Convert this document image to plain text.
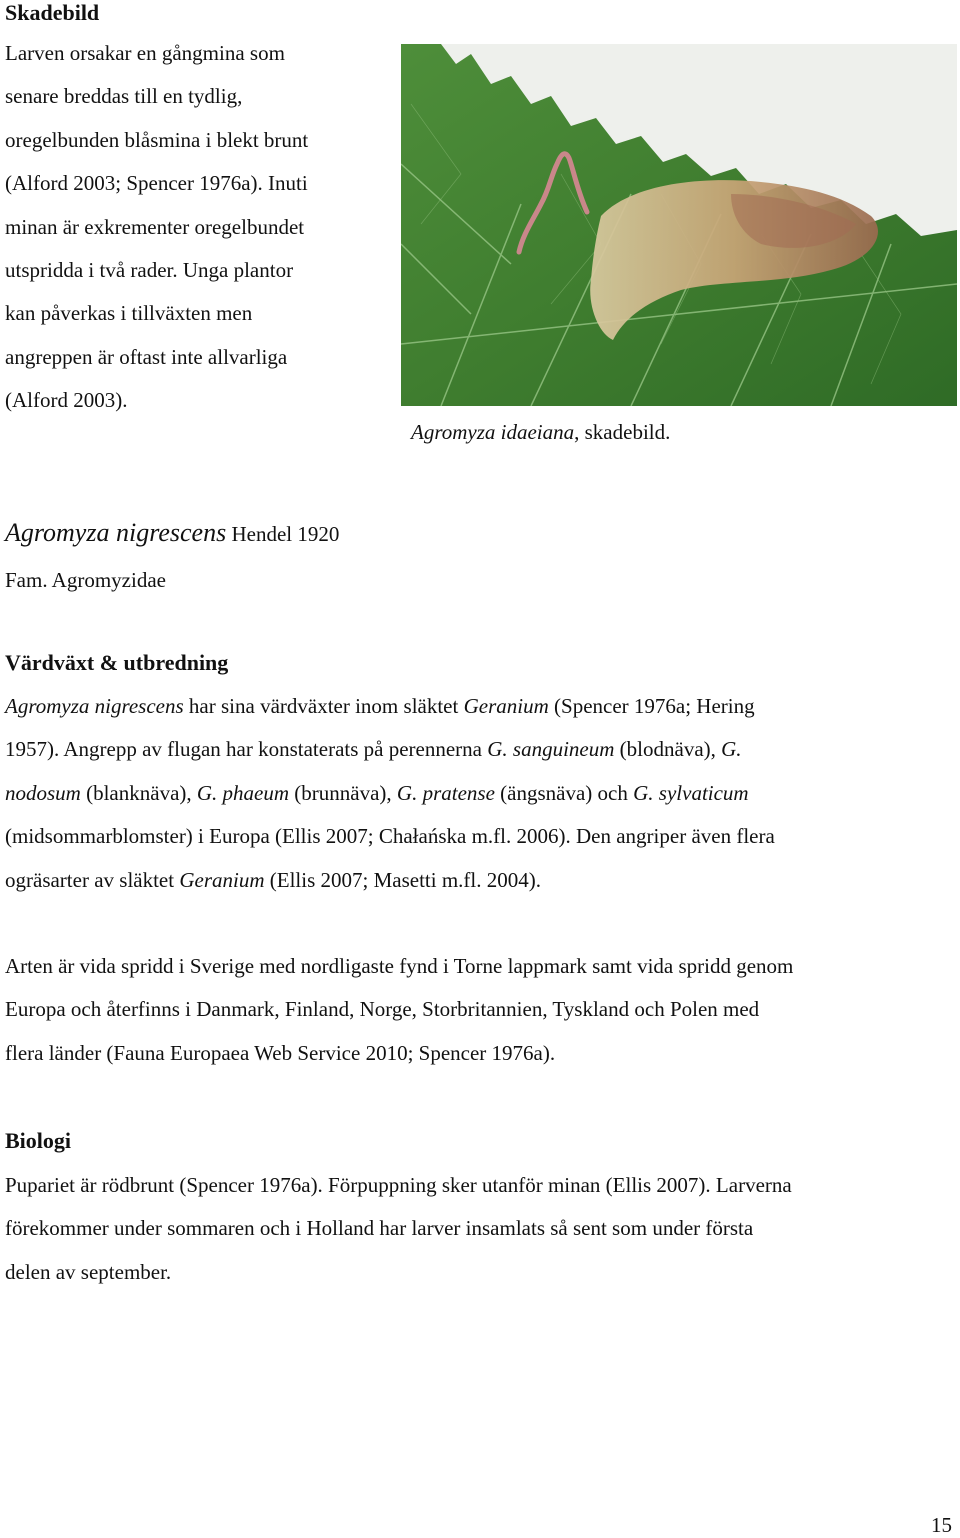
Skadebild
Larven orsakar en gångmina som
senare breddas till en tydlig,
oregelbunden blåsmina i blekt brunt
(Alford 2003; Spencer 1976a). Inuti
minan är exkrementer oregelbundet
utspridda i två rader. Unga plantor
kan påverkas i tillväxten men
angreppen är oftast inte allvarliga
(Alford 2003).
Agromyza idaeiana, skadebild.
Agromyza nigrescens Hendel 1920
Fam. Agromyzidae
Värdväxt & utbredning
Agromyza nigrescens har sina värdväxter inom släktet Geranium (Spencer 1976a; Hering
1957). Angrepp av flugan har konstaterats på perennerna G. sanguineum (blodnäva), G.
nodosum (blanknäva), G. phaeum (brunnäva), G. pratense (ängsnäva) och G. sylvaticum
(midsommarblomster) i Europa (Ellis 2007; Chałańska m.fl. 2006). Den angriper även flera
ogräsarter av släktet Geranium (Ellis 2007; Masetti m.fl. 2004).
Arten är vida spridd i Sverige med nordligaste fynd i Torne lappmark samt vida spridd genom
Europa och återfinns i Danmark, Finland, Norge, Storbritannien, Tyskland och Polen med
flera länder (Fauna Europaea Web Service 2010; Spencer 1976a).
Biologi
Pupariet är rödbrunt (Spencer 1976a). Förpuppning sker utanför minan (Ellis 2007). Larverna
förekommer under sommaren och i Holland har larver insamlats så sent som under första
delen av september.
15
